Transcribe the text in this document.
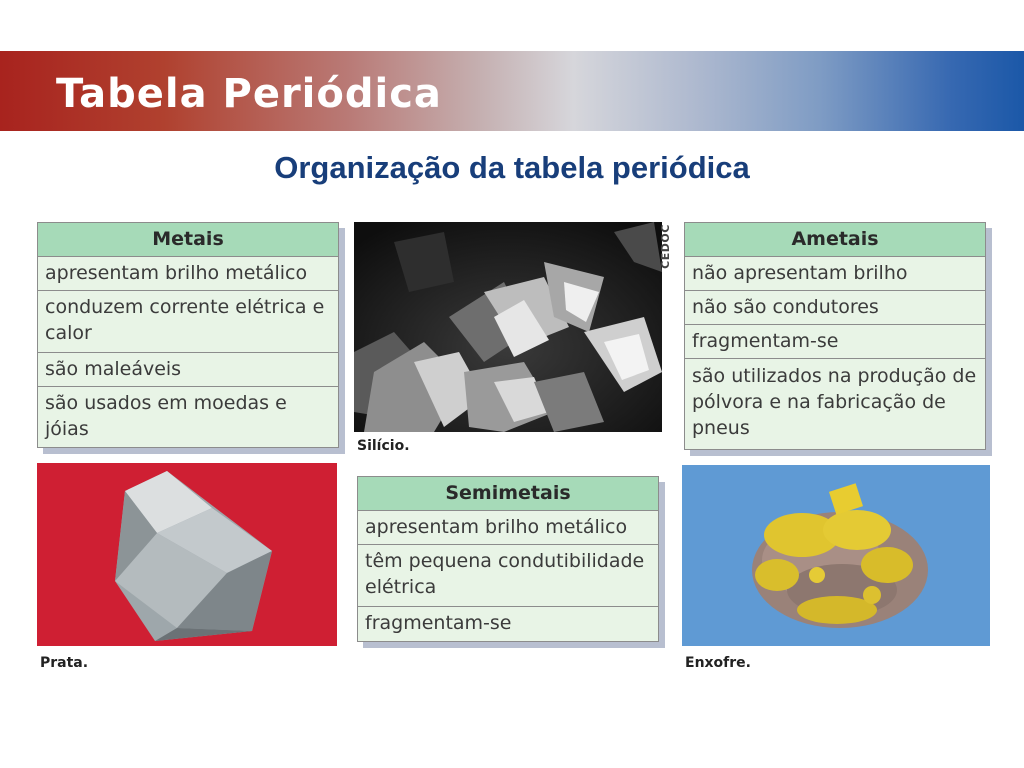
Tabela Periódica
Organização da tabela periódica
Metais
apresentam brilho metálico
conduzem corrente elétrica e calor
são maleáveis
são usados em moedas e jóias
CEDOC
Silício.
Ametais
não apresentam brilho
não são condutores
fragmentam-se
são utilizados na produção de pólvora e na fabricação de pneus
Prata.
Semimetais
apresentam brilho metálico
têm pequena condutibilidade elétrica
fragmentam-se
Enxofre.
